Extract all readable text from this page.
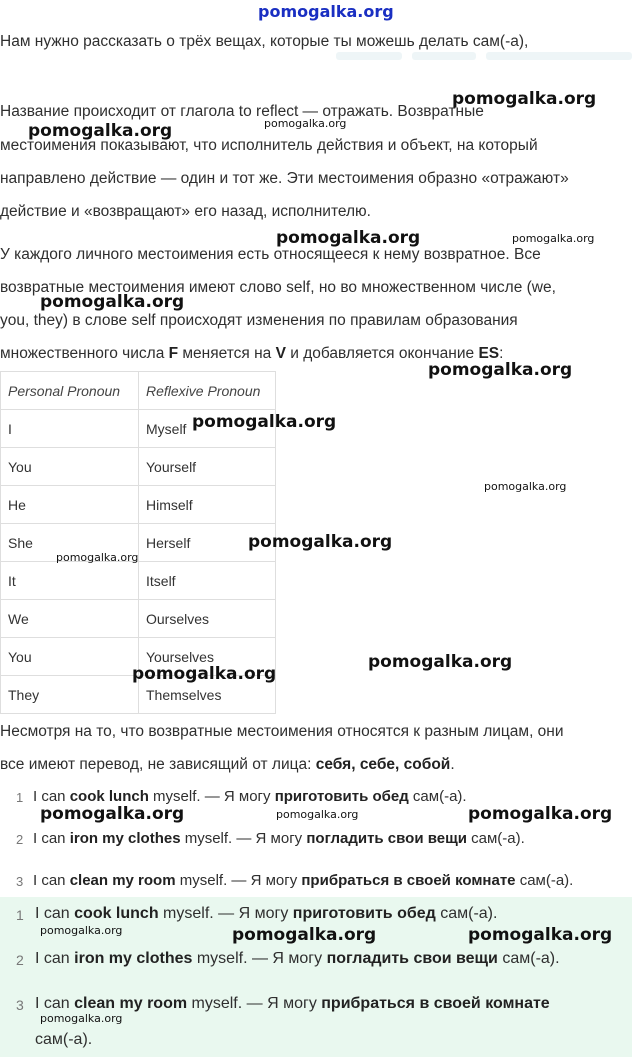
pomogalka.org

Нам нужно рассказать о трёх вещах, которые ты можешь делать сам(-а),

Название происходит от глагола to reflect — отражать. Возвратные

местоимения показывают, что исполнитель действия и объект, на который

направлено действие — один и тот же. Эти местоимения образно «отражают»

действие и «возвращают» его назад, исполнителю.

У каждого личного местоимения есть относящееся к нему возвратное. Все

возвратные местоимения имеют слово self, но во множественном числе (we,

you, they) в слове self происходят изменения по правилам образования

множественного числа F меняется на V и добавляется окончание ES:

Personal Pronoun	Reflexive Pronoun
I	Myself
You	Yourself
He	Himself
She	Herself
It	Itself
We	Ourselves
You	Yourselves
They	Themselves

Несмотря на то, что возвратные местоимения относятся к разным лицам, они

все имеют перевод, не зависящий от лица: себя, себе, собой.

1 I can cook lunch myself. — Я могу приготовить обед сам(-а).
2 I can iron my clothes myself. — Я могу погладить свои вещи сам(-а).
3 I can clean my room myself. — Я могу прибраться в своей комнате сам(-а).
1 I can cook lunch myself. — Я могу приготовить обед сам(-а).
2 I can iron my clothes myself. — Я могу погладить свои вещи сам(-а).
3 I can clean my room myself. — Я могу прибраться в своей комнате
сам(-а).
pomogalka.org
pomogalka.org	pomogalka.org
pomogalka.org	pomogalka.org
pomogalka.org
pomogalka.org
pomogalka.org
pomogalka.org
pomogalka.org
pomogalka.org
pomogalka.org
pomogalka.org
pomogalka.org	pomogalka.org	pomogalka.org
pomogalka.org	pomogalka.org	pomogalka.org
pomogalka.org
